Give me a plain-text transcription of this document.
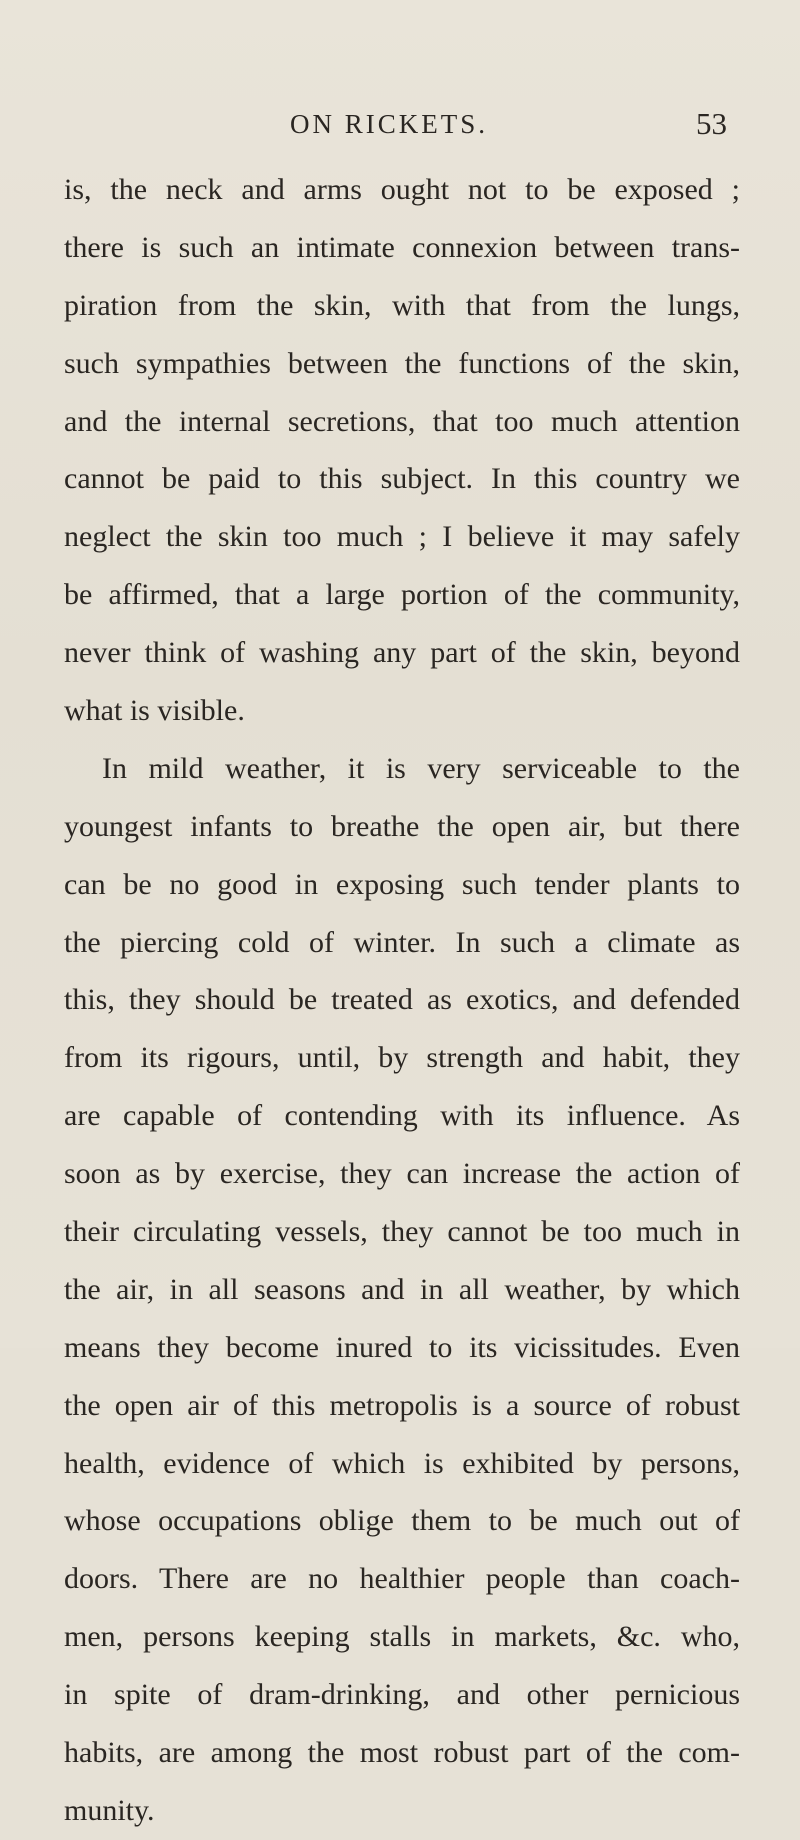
ON RICKETS.	53
is, the neck and arms ought not to be exposed ;
there is such an intimate connexion between trans-
piration from the skin, with that from the lungs,
such sympathies between the functions of the skin,
and the internal secretions, that too much attention
cannot be paid to this subject. In this country we
neglect the skin too much ; I believe it may safely
be affirmed, that a large portion of the community,
never think of washing any part of the skin, beyond
what is visible.
In mild weather, it is very serviceable to the
youngest infants to breathe the open air, but there
can be no good in exposing such tender plants to
the piercing cold of winter. In such a climate as
this, they should be treated as exotics, and defended
from its rigours, until, by strength and habit, they
are capable of contending with its influence. As
soon as by exercise, they can increase the action of
their circulating vessels, they cannot be too much in
the air, in all seasons and in all weather, by which
means they become inured to its vicissitudes. Even
the open air of this metropolis is a source of robust
health, evidence of which is exhibited by persons,
whose occupations oblige them to be much out of
doors. There are no healthier people than coach-
men, persons keeping stalls in markets, &c. who,
in spite of dram-drinking, and other pernicious
habits, are among the most robust part of the com-
munity.
